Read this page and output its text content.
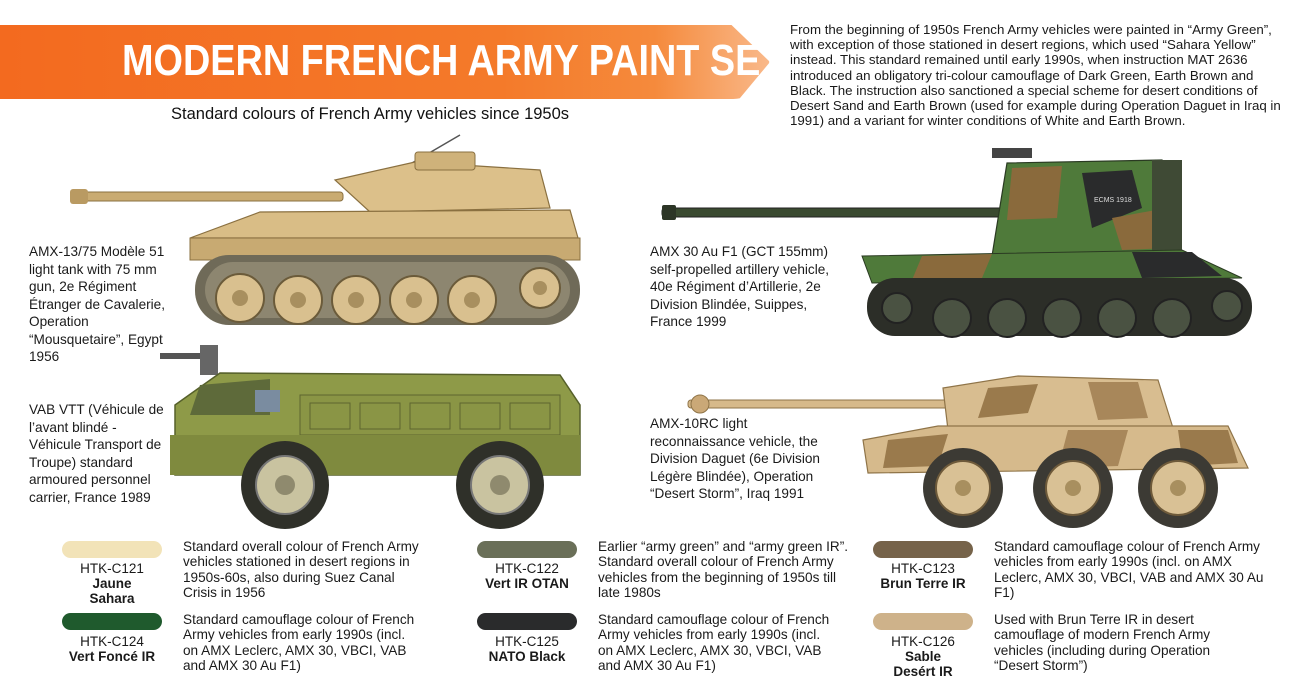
MODERN FRENCH ARMY PAINT SET
Standard colours of French Army vehicles since 1950s
From the beginning of 1950s French Army vehicles were painted in “Army Green”, with exception of those stationed in desert regions, which used “Sahara Yellow” instead. This standard remained until early 1990s, when instruction MAT 2636 introduced an obligatory tri-colour camouflage of Dark Green, Earth Brown and Black. The instruction also sanctioned a special scheme for desert conditions of Desert Sand and Earth Brown (used for example during Operation Daguet in Iraq in 1991) and a variant for winter conditions of White and Earth Brown.
AMX-13/75 Modèle 51 light tank with 75 mm gun, 2e Régiment Étranger de Cavalerie, Operation “Mousquetaire”, Egypt 1956
VAB VTT (Véhicule de l’avant blindé - Véhicule Transport de Troupe) standard armoured personnel carrier, France 1989
AMX 30 Au F1 (GCT 155mm) self-propelled artillery vehicle, 40e Régiment d’Artillerie, 2e Division Blindée, Suippes, France 1999
AMX-10RC light reconnaissance vehicle, the Division Daguet (6e Division Légère Blindée), Operation “Desert Storm”, Iraq 1991
ECMS 1918
HTK-C121
Jaune Sahara
Standard overall colour of French Army vehicles stationed in desert regions in 1950s-60s, also during Suez Canal Crisis in 1956
HTK-C124
Vert Foncé IR
Standard camouflage colour of French Army vehicles from early 1990s (incl. on AMX Leclerc, AMX 30, VBCI, VAB and AMX 30 Au F1)
HTK-C122
Vert IR OTAN
Earlier “army green” and “army green IR”. Standard overall colour of French Army vehicles from the beginning of 1950s till late 1980s
HTK-C125
NATO Black
Standard camouflage colour of French Army vehicles from early 1990s (incl. on AMX Leclerc, AMX 30, VBCI, VAB and AMX 30 Au F1)
HTK-C123
Brun Terre IR
Standard camouflage colour of French Army vehicles from early 1990s (incl. on AMX Leclerc, AMX 30, VBCI, VAB and AMX 30 Au F1)
HTK-C126
Sable Desért IR
Used with Brun Terre IR in desert camouflage of modern French Army vehicles (including during Operation “Desert Storm”)
